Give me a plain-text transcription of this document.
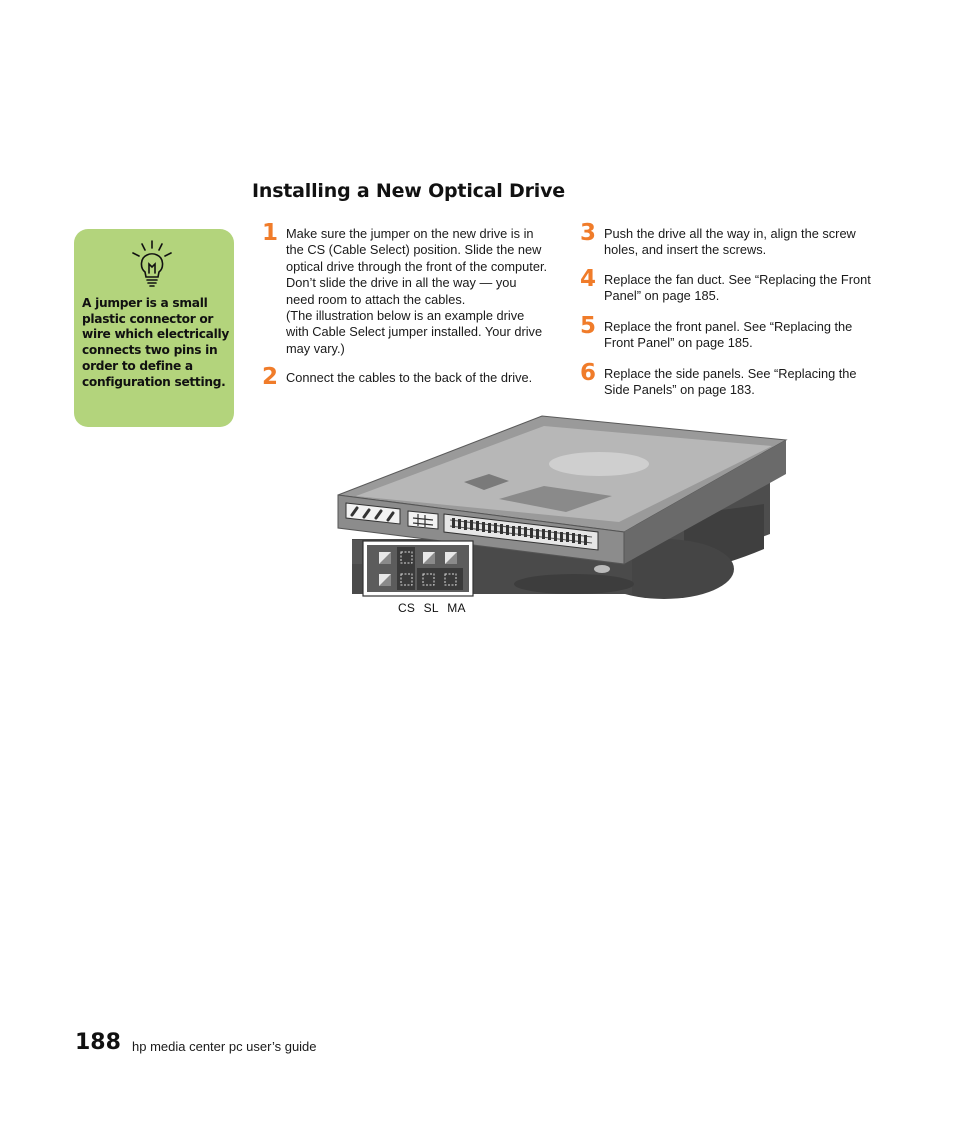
Installing a New Optical Drive

A jumper is a small plastic connector or wire which electrically connects two pins in order to define a configuration setting.

1 Make sure the jumper on the new drive is in
the CS (Cable Select) position. Slide the new
optical drive through the front of the computer.
Don’t slide the drive in all the way — you
need room to attach the cables.
(The illustration below is an example drive
with Cable Select jumper installed. Your drive
may vary.)

2 Connect the cables to the back of the drive.

3 Push the drive all the way in, align the screw
holes, and insert the screws.

4 Replace the fan duct. See “Replacing the Front
Panel” on page 185.

5 Replace the front panel. See “Replacing the
Front Panel” on page 185.

6 Replace the side panels. See “Replacing the
Side Panels” on page 183.

CS SL MA

188 hp media center pc user’s guide
